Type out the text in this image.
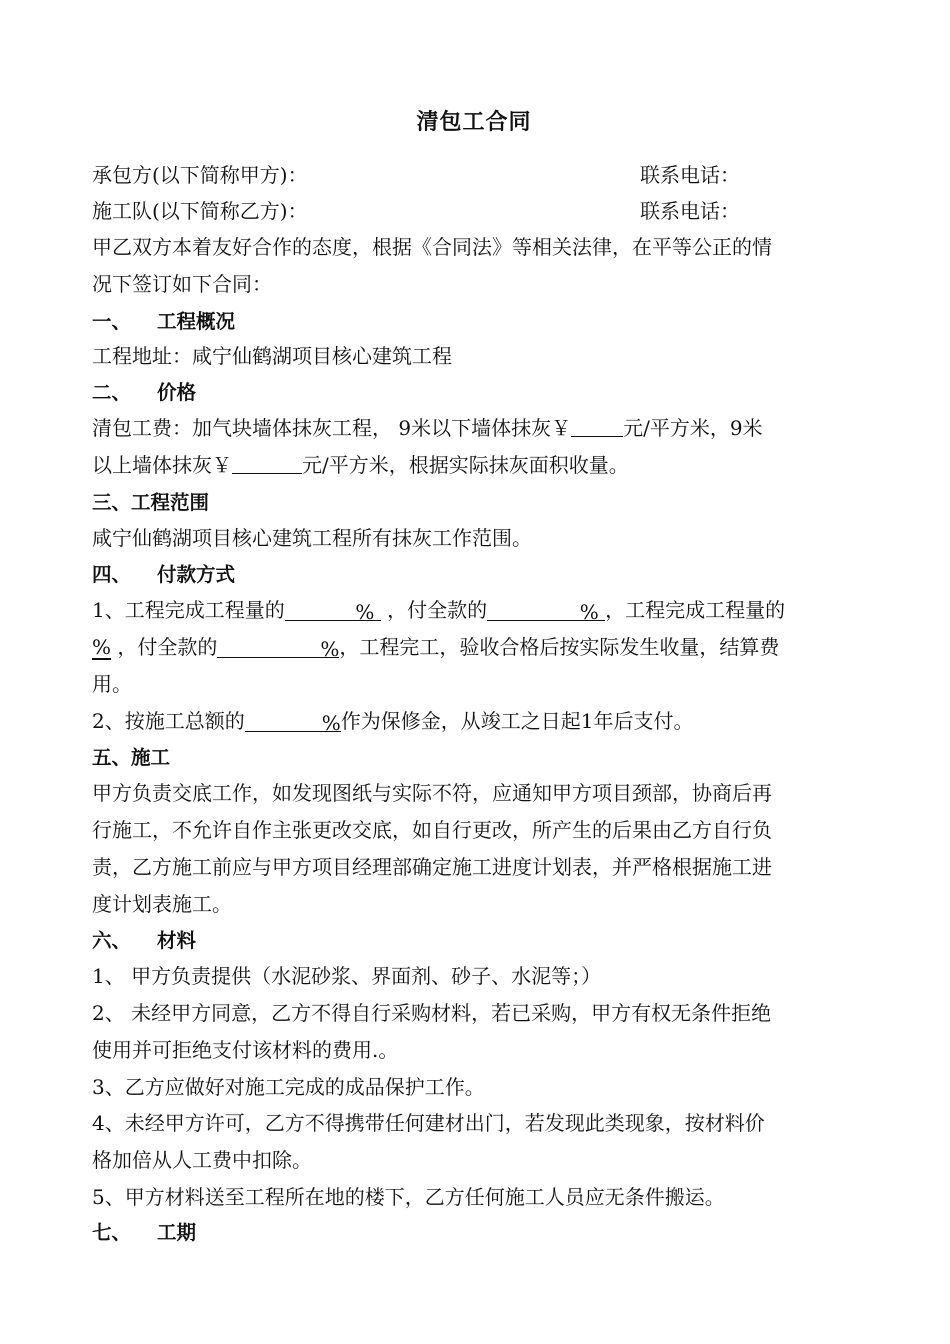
清包工合同
承包方(以下简称甲方)：	联系电话：
施工队(以下简称乙方)：	联系电话：
甲乙双方本着友好合作的态度，根据《合同法》等相关法律，在平等公正的情
况下签订如下合同：
一、 工程概况
工程地址：咸宁仙鹤湖项目核心建筑工程
二、 价格
清包工费：加气块墙体抹灰工程， 9米以下墙体抹灰￥	元/平方米，9米
以上墙体抹灰￥	元/平方米，根据实际抹灰面积收量。
三、工程范围
咸宁仙鹤湖项目核心建筑工程所有抹灰工作范围。
四、 付款方式
1、工程完成工程量的	%  ，付全款的	% ，工程完成工程量的
% ，付全款的	%，工程完工，验收合格后按实际发生收量，结算费
用。
2、按施工总额的	%作为保修金，从竣工之日起1年后支付。
五、施工
甲方负责交底工作，如发现图纸与实际不符，应通知甲方项目颈部，协商后再
行施工，不允许自作主张更改交底，如自行更改，所产生的后果由乙方自行负
责，乙方施工前应与甲方项目经理部确定施工进度计划表，并严格根据施工进
度计划表施工。
六、 材料
1、 甲方负责提供（水泥砂浆、界面剂、砂子、水泥等；）
2、 未经甲方同意，乙方不得自行采购材料，若已采购，甲方有权无条件拒绝
使用并可拒绝支付该材料的费用.。
3、乙方应做好对施工完成的成品保护工作。
4、未经甲方许可，乙方不得携带任何建材出门，若发现此类现象，按材料价
格加倍从人工费中扣除。
5、甲方材料送至工程所在地的楼下，乙方任何施工人员应无条件搬运。
七、 工期
